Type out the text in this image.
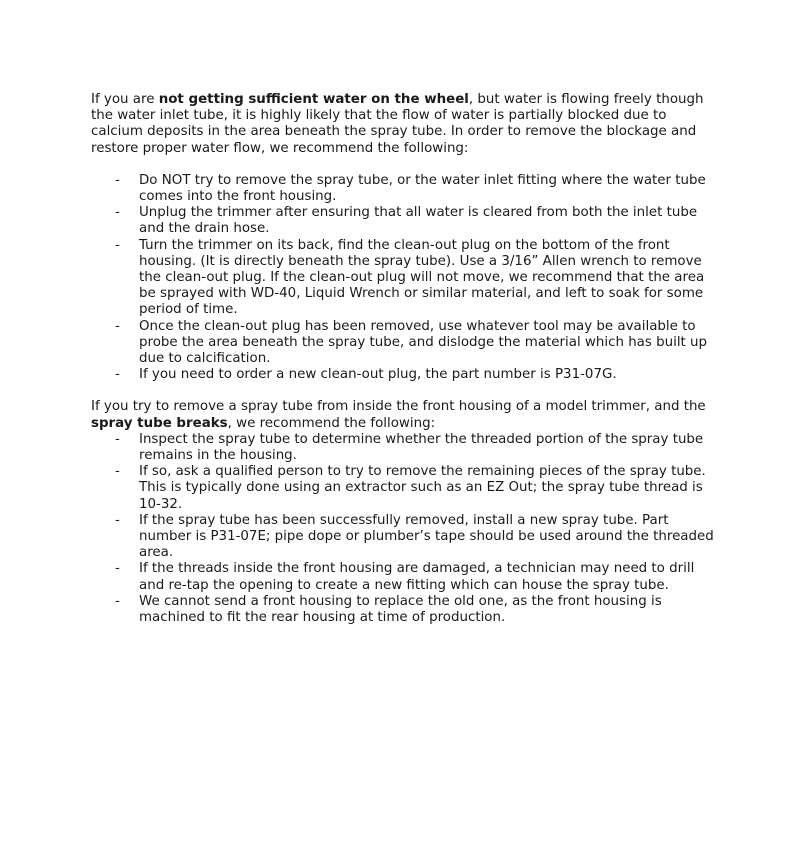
If you are not getting sufficient water on the wheel, but water is flowing freely though the water inlet tube, it is highly likely that the flow of water is partially blocked due to calcium deposits in the area beneath the spray tube. In order to remove the blockage and restore proper water flow, we recommend the following:

- Do NOT try to remove the spray tube, or the water inlet fitting where the water tube comes into the front housing.
- Unplug the trimmer after ensuring that all water is cleared from both the inlet tube and the drain hose.
- Turn the trimmer on its back, find the clean-out plug on the bottom of the front housing. (It is directly beneath the spray tube). Use a 3/16” Allen wrench to remove the clean-out plug. If the clean-out plug will not move, we recommend that the area be sprayed with WD-40, Liquid Wrench or similar material, and left to soak for some period of time.
- Once the clean-out plug has been removed, use whatever tool may be available to probe the area beneath the spray tube, and dislodge the material which has built up due to calcification.
- If you need to order a new clean-out plug, the part number is P31-07G.

If you try to remove a spray tube from inside the front housing of a model trimmer, and the spray tube breaks, we recommend the following:

- Inspect the spray tube to determine whether the threaded portion of the spray tube remains in the housing.
- If so, ask a qualified person to try to remove the remaining pieces of the spray tube. This is typically done using an extractor such as an EZ Out; the spray tube thread is 10-32.
- If the spray tube has been successfully removed, install a new spray tube. Part number is P31-07E; pipe dope or plumber’s tape should be used around the threaded area.
- If the threads inside the front housing are damaged, a technician may need to drill and re-tap the opening to create a new fitting which can house the spray tube.
- We cannot send a front housing to replace the old one, as the front housing is machined to fit the rear housing at time of production.
